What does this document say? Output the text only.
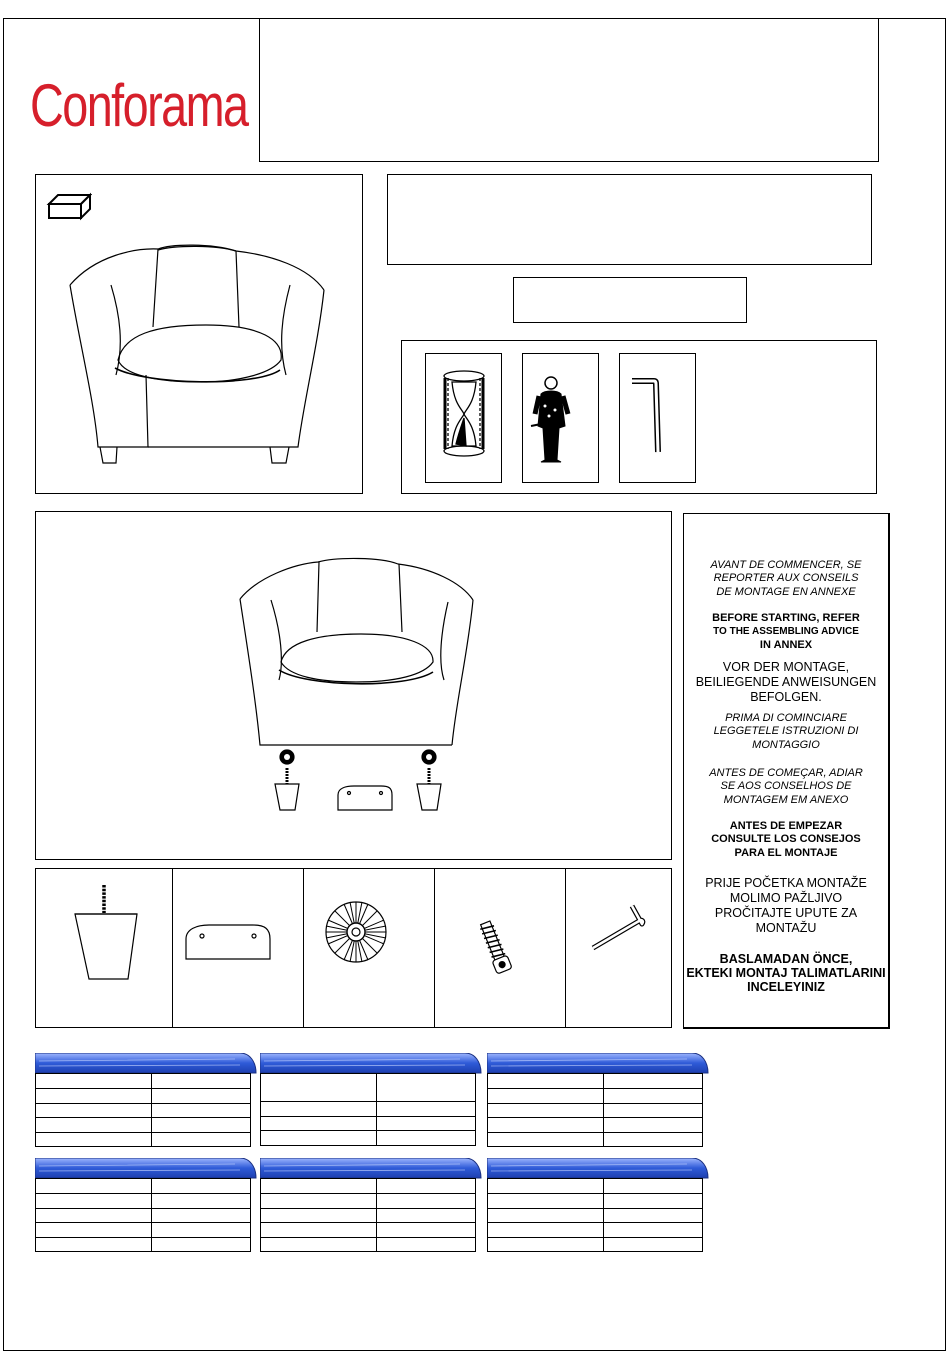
Conforama
AVANT DE COMMENCER, SE
REPORTER AUX CONSEILS
DE MONTAGE EN ANNEXE
BEFORE STARTING, REFER
TO THE ASSEMBLING ADVICE
IN ANNEX
VOR DER MONTAGE,
BEILIEGENDE ANWEISUNGEN
BEFOLGEN.
PRIMA DI COMINCIARE
LEGGETELE ISTRUZIONI DI
MONTAGGIO
ANTES DE COMEÇAR, ADIAR
SE AOS CONSELHOS DE
MONTAGEM EM ANEXO
ANTES DE EMPEZAR
CONSULTE LOS CONSEJOS
PARA EL MONTAJE
PRIJE POČETKA MONTAŽE
MOLIMO PAŽLJIVO
PROČITAJTE UPUTE ZA
MONTAŽU
BASLAMADAN ÖNCE,
EKTEKI MONTAJ TALIMATLARINI
INCELEYINIZ
